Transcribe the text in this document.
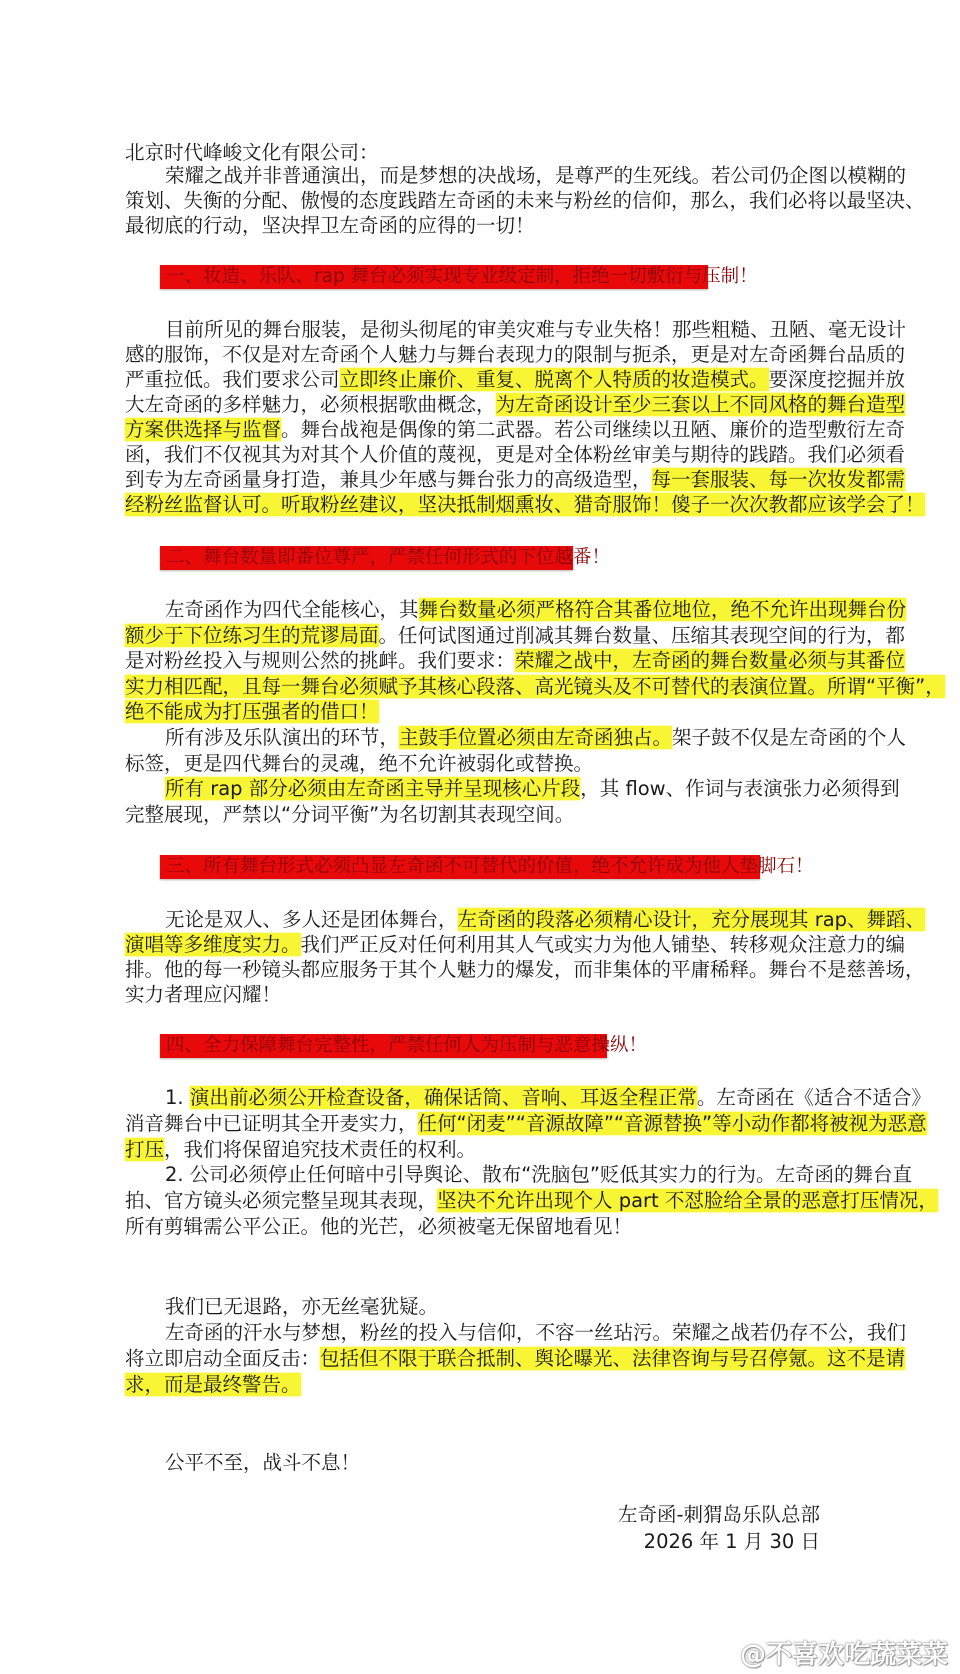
北京时代峰峻文化有限公司：
荣耀之战并非普通演出，而是梦想的决战场，是尊严的生死线。若公司仍企图以模糊的
策划、失衡的分配、傲慢的态度践踏左奇函的未来与粉丝的信仰，那么，我们必将以最坚决、
最彻底的行动，坚决捍卫左奇函的应得的一切！
一、妆造、乐队、rap 舞台必须实现专业级定制，拒绝一切敷衍与压制！
目前所见的舞台服装，是彻头彻尾的审美灾难与专业失格！那些粗糙、丑陋、毫无设计
感的服饰，不仅是对左奇函个人魅力与舞台表现力的限制与扼杀，更是对左奇函舞台品质的
严重拉低。我们要求公司立即终止廉价、重复、脱离个人特质的妆造模式。要深度挖掘并放
大左奇函的多样魅力，必须根据歌曲概念，为左奇函设计至少三套以上不同风格的舞台造型
方案供选择与监督。舞台战袍是偶像的第二武器。若公司继续以丑陋、廉价的造型敷衍左奇
函，我们不仅视其为对其个人价值的蔑视，更是对全体粉丝审美与期待的践踏。我们必须看
到专为左奇函量身打造，兼具少年感与舞台张力的高级造型，每一套服装、每一次妆发都需
经粉丝监督认可。听取粉丝建议，坚决抵制烟熏妆、猎奇服饰！傻子一次次教都应该学会了！
二、舞台数量即番位尊严，严禁任何形式的下位越番！
左奇函作为四代全能核心，其舞台数量必须严格符合其番位地位，绝不允许出现舞台份
额少于下位练习生的荒谬局面。任何试图通过削减其舞台数量、压缩其表现空间的行为，都
是对粉丝投入与规则公然的挑衅。我们要求：荣耀之战中，左奇函的舞台数量必须与其番位
实力相匹配，且每一舞台必须赋予其核心段落、高光镜头及不可替代的表演位置。所谓“平衡”，
绝不能成为打压强者的借口！
所有涉及乐队演出的环节，主鼓手位置必须由左奇函独占。架子鼓不仅是左奇函的个人
标签，更是四代舞台的灵魂，绝不允许被弱化或替换。
所有 rap 部分必须由左奇函主导并呈现核心片段，其 flow、作词与表演张力必须得到
完整展现，严禁以“分词平衡”为名切割其表现空间。
三、所有舞台形式必须凸显左奇函不可替代的价值，绝不允许成为他人垫脚石！
无论是双人、多人还是团体舞台，左奇函的段落必须精心设计，充分展现其 rap、舞蹈、
演唱等多维度实力。我们严正反对任何利用其人气或实力为他人铺垫、转移观众注意力的编
排。他的每一秒镜头都应服务于其个人魅力的爆发，而非集体的平庸稀释。舞台不是慈善场，
实力者理应闪耀！
四、全力保障舞台完整性，严禁任何人为压制与恶意操纵！
1. 演出前必须公开检查设备，确保话筒、音响、耳返全程正常。左奇函在《适合不适合》
消音舞台中已证明其全开麦实力，任何“闭麦”“音源故障”“音源替换”等小动作都将被视为恶意
打压，我们将保留追究技术责任的权利。
2. 公司必须停止任何暗中引导舆论、散布“洗脑包”贬低其实力的行为。左奇函的舞台直
拍、官方镜头必须完整呈现其表现，坚决不允许出现个人 part 不怼脸给全景的恶意打压情况，
所有剪辑需公平公正。他的光芒，必须被毫无保留地看见！
我们已无退路，亦无丝毫犹疑。
左奇函的汗水与梦想，粉丝的投入与信仰，不容一丝玷污。荣耀之战若仍存不公，我们
将立即启动全面反击：包括但不限于联合抵制、舆论曝光、法律咨询与号召停氪。这不是请
求，而是最终警告。
公平不至，战斗不息！
左奇函-刺猬岛乐队总部
2026 年 1 月 30 日
@不喜欢吃蔬菜菜
